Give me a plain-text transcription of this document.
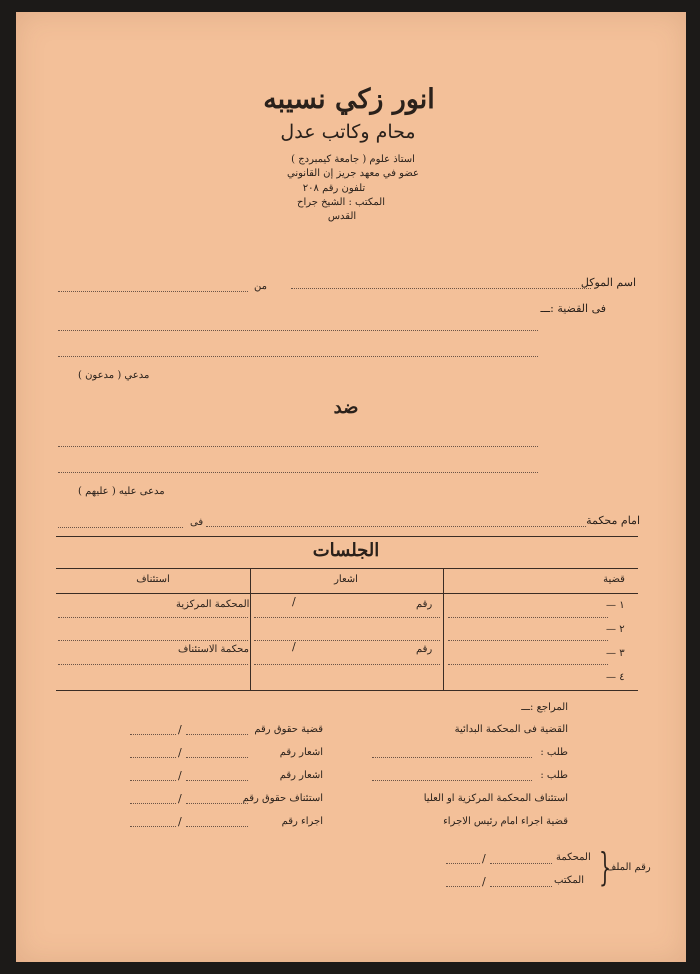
انور زكي نسيبه
محام وكاتب عدل
استاذ علوم ( جامعة كيمبردج )
عضو في معهد جريز إن القانوني
تلفون رقم ٢٠٨
المكتب : الشيخ جراح
القدس
اسم الموكل
من
فى القضية :ـــ
مدعي ( مدعون )
ضد
مدعى عليه ( عليهم )
امام محكمة
فى
الجلسات
قضية
اشعار
استئناف
١ —
٢ —
٣ —
٤ —
رقم
/
رقم
/
المحكمة المركزية
محكمة الاستئناف
المراجع :ـــ
القضية فى المحكمة البدائية
طلب :
طلب :
استئناف المحكمة المركزية او العليا
قضية اجراء امام رئيس الاجراء
قضية حقوق رقم
اشعار رقم
اشعار رقم
استئناف حقوق رقم
اجراء رقم
/
/
/
/
/
رقم الملف
}
المحكمة
المكتب
/
/
